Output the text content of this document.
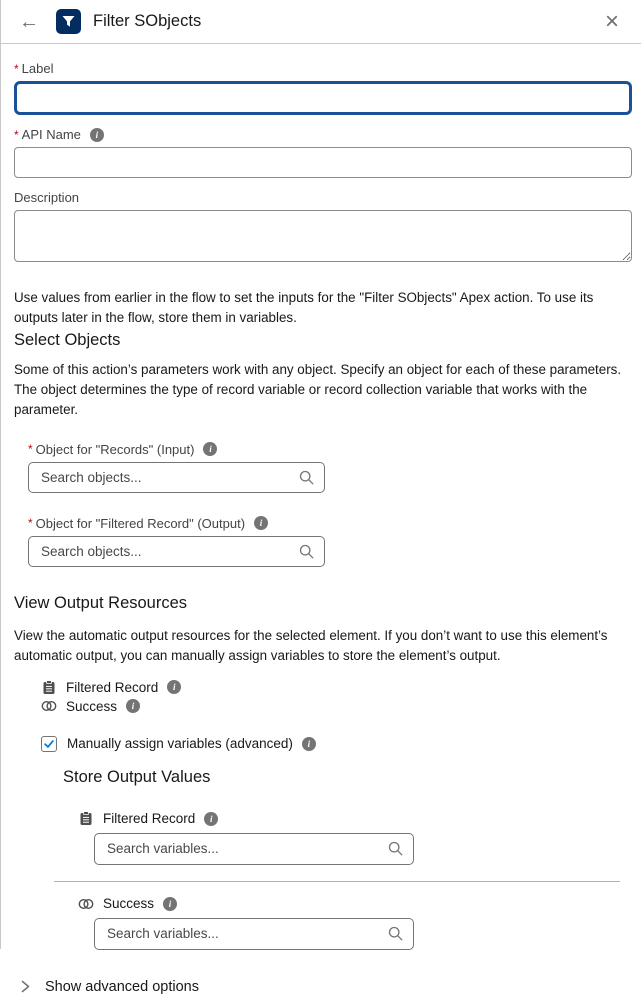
←	Filter SObjects	×
* Label
* API Name	i
Description

Use values from earlier in the flow to set the inputs for the "Filter SObjects" Apex action. To use its outputs later in the flow, store them in variables.

Select Objects

Some of this action’s parameters work with any object. Specify an object for each of these parameters. The object determines the type of record variable or record collection variable that works with the parameter.

* Object for "Records" (Input)	i
Search objects...
* Object for "Filtered Record" (Output)	i
Search objects...
View Output Resources

View the automatic output resources for the selected element. If you don’t want to use this element’s automatic output, you can manually assign variables to store the element’s output.

Filtered Record	i
Success	i
Manually assign variables (advanced)	i
Store Output Values
Filtered Record	i
Search variables...
Success	i
Search variables...
Show advanced options
